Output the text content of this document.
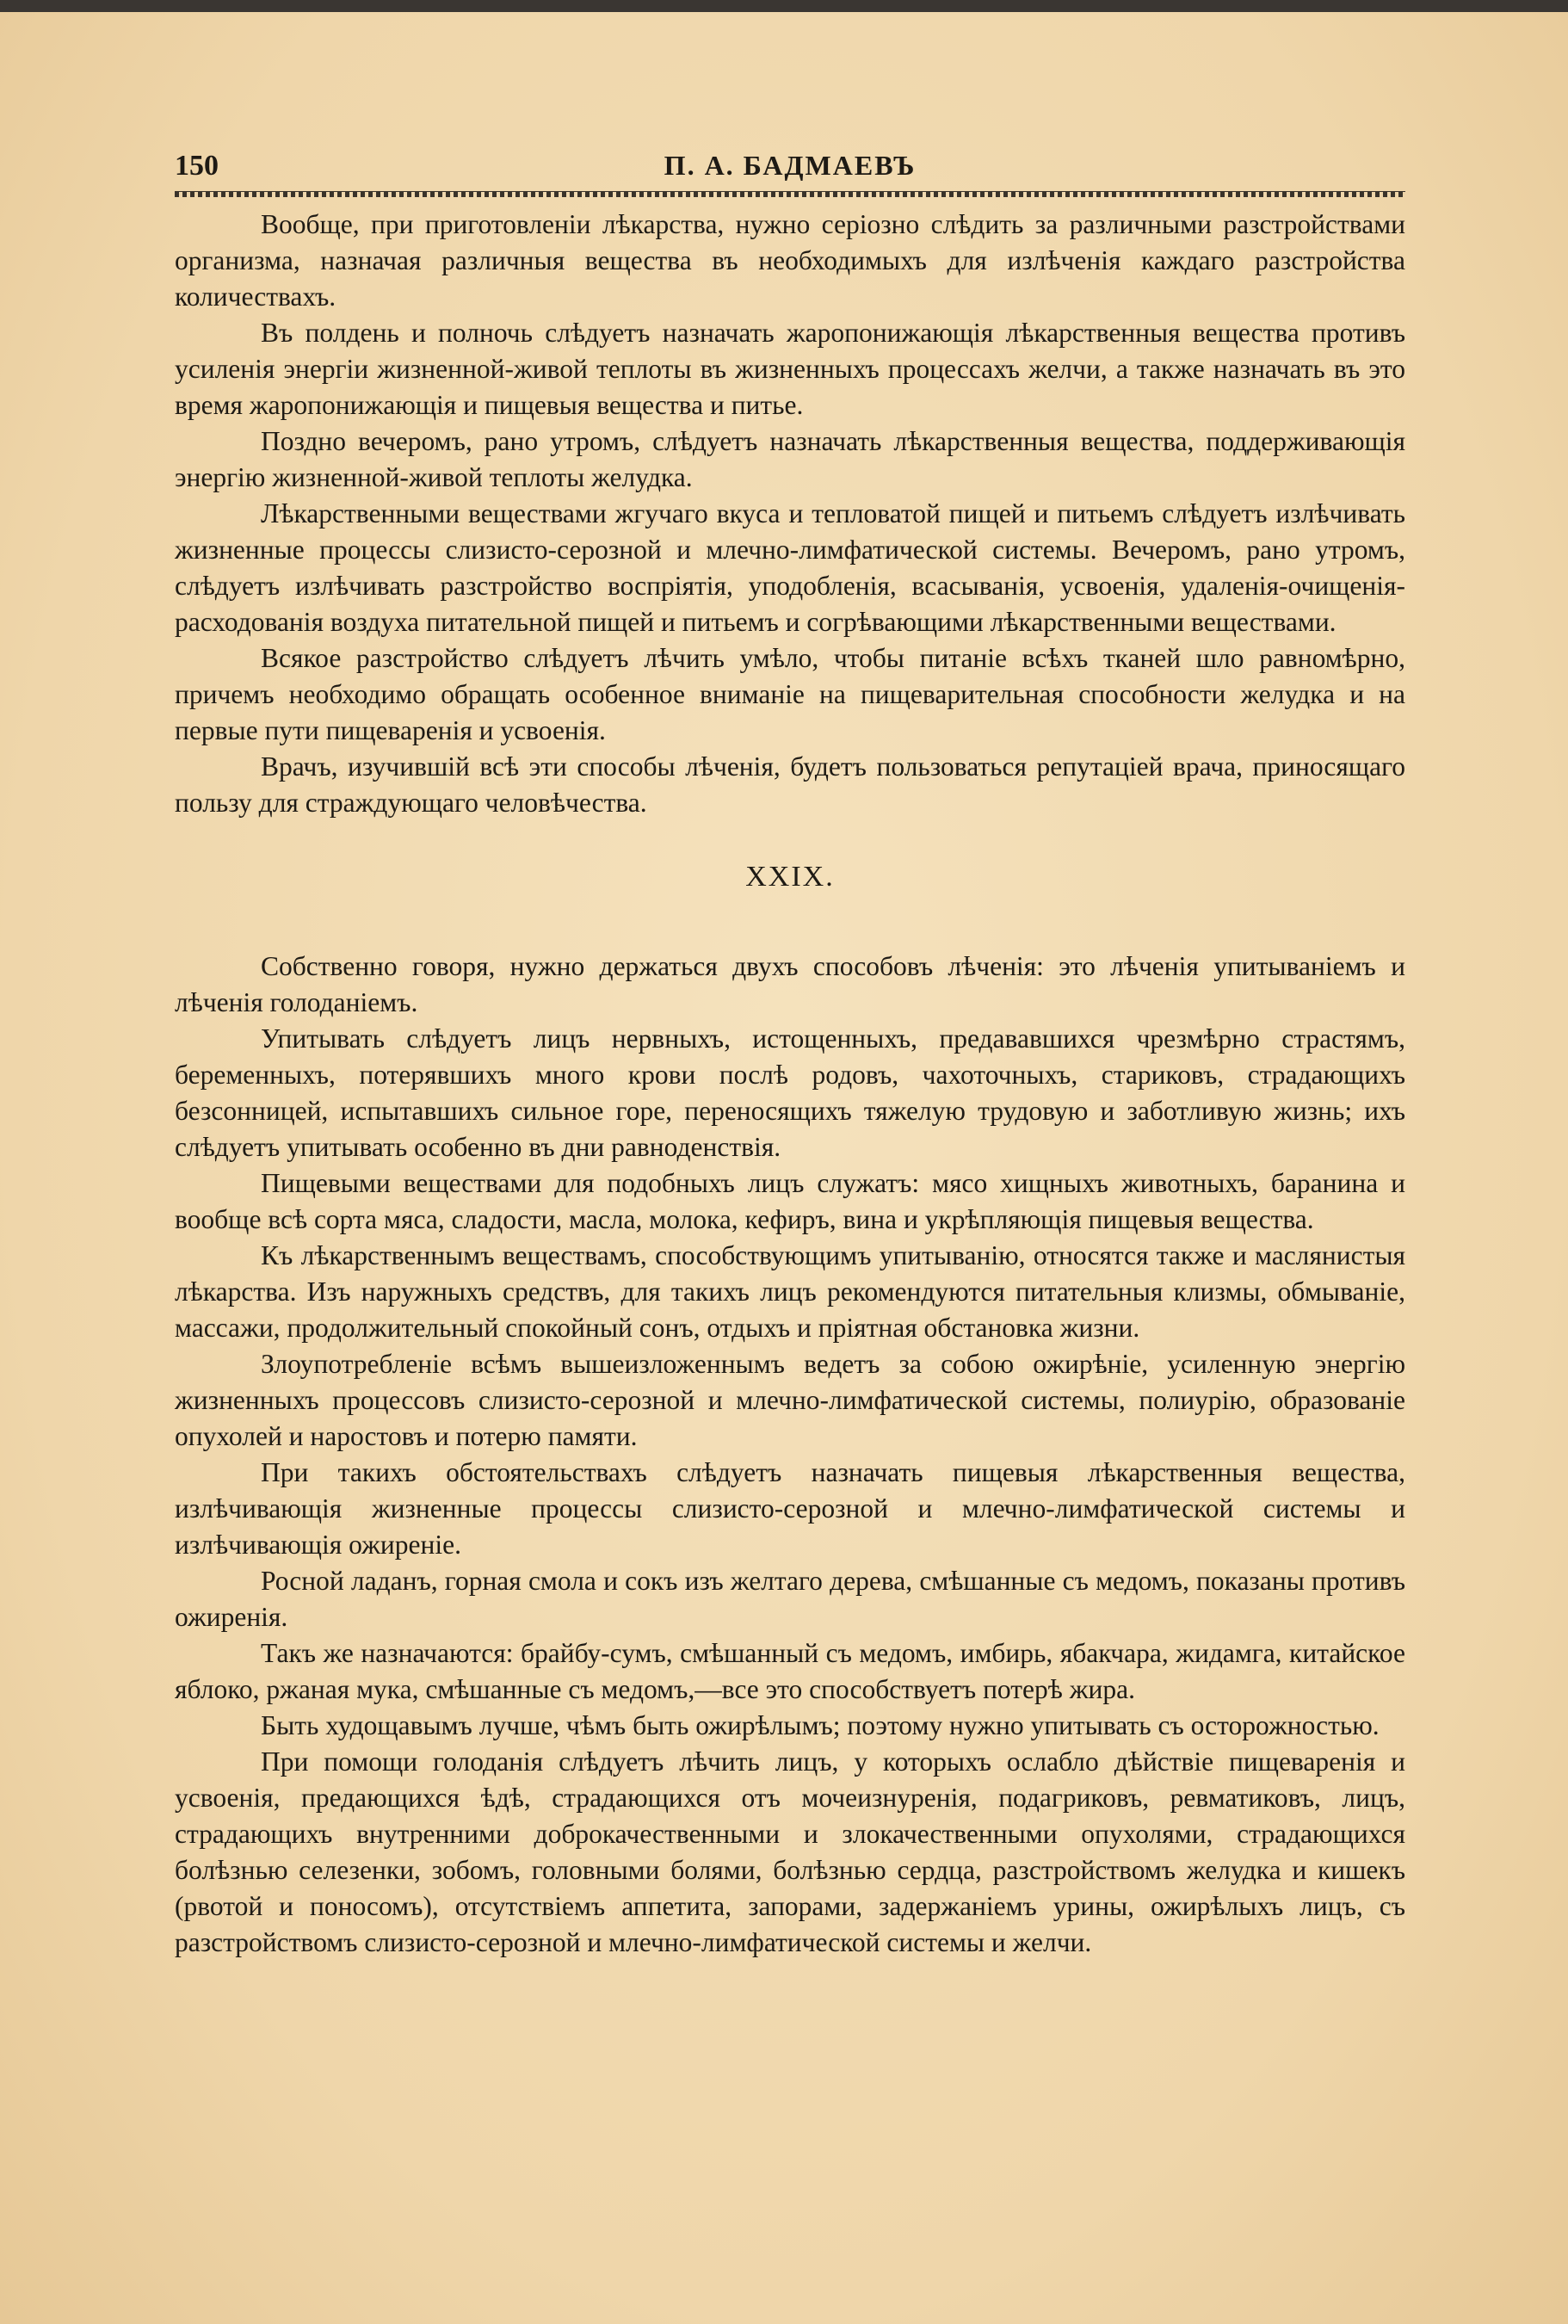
150	П. А. БАДМАЕВЪ

Вообще, при приготовленіи лѣкарства, нужно серіозно слѣдить за различными разстройствами организма, назначая различныя вещества въ необходимыхъ для излѣченія каждаго разстройства количествахъ.

Въ полдень и полночь слѣдуетъ назначать жаропонижающія лѣкарственныя вещества противъ усиленія энергіи жизненной-живой теплоты въ жизненныхъ процессахъ желчи, а также назначать въ это время жаропонижающія и пищевыя вещества и питье.

Поздно вечеромъ, рано утромъ, слѣдуетъ назначать лѣкарственныя вещества, поддерживающія энергію жизненной-живой теплоты желудка.

Лѣкарственными веществами жгучаго вкуса и тепловатой пищей и питьемъ слѣдуетъ излѣчивать жизненные процессы слизисто-серозной и млечно-лимфатической системы. Вечеромъ, рано утромъ, слѣдуетъ излѣчивать разстройство воспріятія, уподобленія, всасыванія, усвоенія, удаленія-очищенія-расходованія воздуха питательной пищей и питьемъ и согрѣвающими лѣкарственными веществами.

Всякое разстройство слѣдуетъ лѣчить умѣло, чтобы питаніе всѣхъ тканей шло равномѣрно, причемъ необходимо обращать особенное вниманіе на пищеварительная способности желудка и на первые пути пищеваренія и усвоенія.

Врачъ, изучившій всѣ эти способы лѣченія, будетъ пользоваться репутаціей врача, приносящаго пользу для страждующаго человѣчества.

XXIX.

Собственно говоря, нужно держаться двухъ способовъ лѣченія: это лѣченія упитываніемъ и лѣченія голоданіемъ.

Упитывать слѣдуетъ лицъ нервныхъ, истощенныхъ, предававшихся чрезмѣрно страстямъ, беременныхъ, потерявшихъ много крови послѣ родовъ, чахоточныхъ, стариковъ, страдающихъ безсонницей, испытавшихъ сильное горе, переносящихъ тяжелую трудовую и заботливую жизнь; ихъ слѣдуетъ упитывать особенно въ дни равноденствія.

Пищевыми веществами для подобныхъ лицъ служатъ: мясо хищныхъ животныхъ, баранина и вообще всѣ сорта мяса, сладости, масла, молока, кефиръ, вина и укрѣпляющія пищевыя вещества.

Къ лѣкарственнымъ веществамъ, способствующимъ упитыванію, относятся также и маслянистыя лѣкарства. Изъ наружныхъ средствъ, для такихъ лицъ рекомендуются питательныя клизмы, обмываніе, массажи, продолжительный спокойный сонъ, отдыхъ и пріятная обстановка жизни.

Злоупотребленіе всѣмъ вышеизложеннымъ ведетъ за собою ожирѣніе, усиленную энергію жизненныхъ процессовъ слизисто-серозной и млечно-лимфатической системы, полиурію, образованіе опухолей и наростовъ и потерю памяти.

При такихъ обстоятельствахъ слѣдуетъ назначать пищевыя лѣкарственныя вещества, излѣчивающія жизненные процессы слизисто-серозной и млечно-лимфатической системы и излѣчивающія ожиреніе.

Росной ладанъ, горная смола и сокъ изъ желтаго дерева, смѣшанные съ медомъ, показаны противъ ожиренія.

Такъ же назначаются: брайбу-сумъ, смѣшанный съ медомъ, имбирь, ябакчара, жидамга, китайское яблоко, ржаная мука, смѣшанные съ медомъ,—все это способствуетъ потерѣ жира.

Быть худощавымъ лучше, чѣмъ быть ожирѣлымъ; поэтому нужно упитывать съ осторожностью.

При помощи голоданія слѣдуетъ лѣчить лицъ, у которыхъ ослабло дѣйствіе пищеваренія и усвоенія, предающихся ѣдѣ, страдающихся отъ мочеизнуренія, подагриковъ, ревматиковъ, лицъ, страдающихъ внутренними доброкачественными и злокачественными опухолями, страдающихся болѣзнью селезенки, зобомъ, головными болями, болѣзнью сердца, разстройствомъ желудка и кишекъ (рвотой и поносомъ), отсутствіемъ аппетита, запорами, задержаніемъ урины, ожирѣлыхъ лицъ, съ разстройствомъ слизисто-серозной и млечно-лимфатической системы и желчи.
